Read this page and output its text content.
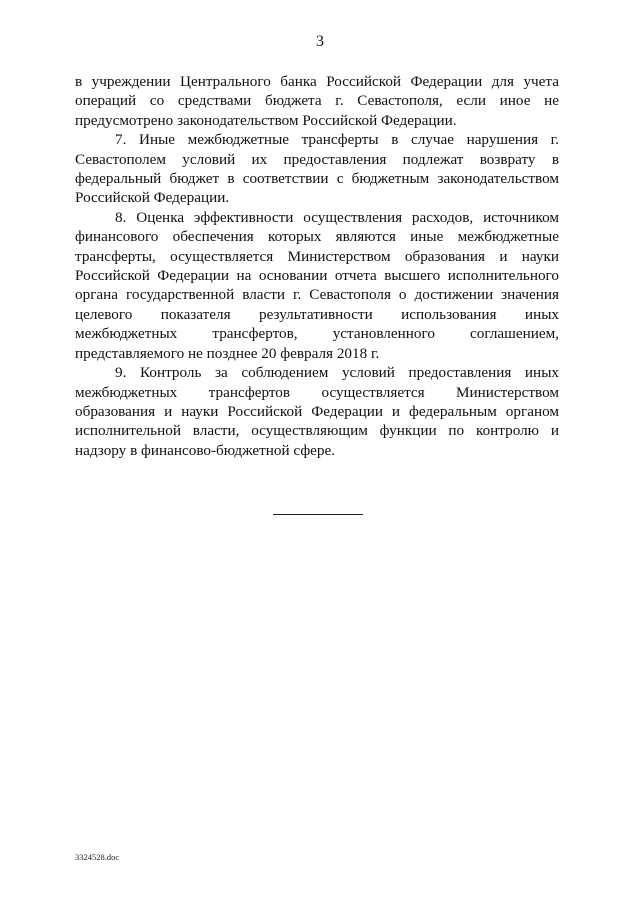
3

в учреждении Центрального банка Российской Федерации для учета операций со средствами бюджета г. Севастополя, если иное не предусмотрено законодательством Российской Федерации.

7. Иные межбюджетные трансферты в случае нарушения г. Севастополем условий их предоставления подлежат возврату в федеральный бюджет в соответствии с бюджетным законодательством Российской Федерации.

8. Оценка эффективности осуществления расходов, источником финансового обеспечения которых являются иные межбюджетные трансферты, осуществляется Министерством образования и науки Российской Федерации на основании отчета высшего исполнительного органа государственной власти г. Севастополя о достижении значения целевого показателя результативности использования иных межбюджетных трансфертов, установленного соглашением, представляемого не позднее 20 февраля 2018 г.

9. Контроль за соблюдением условий предоставления иных межбюджетных трансфертов осуществляется Министерством образования и науки Российской Федерации и федеральным органом исполнительной власти, осуществляющим функции по контролю и надзору в финансово-бюджетной сфере.

3324528.doc
